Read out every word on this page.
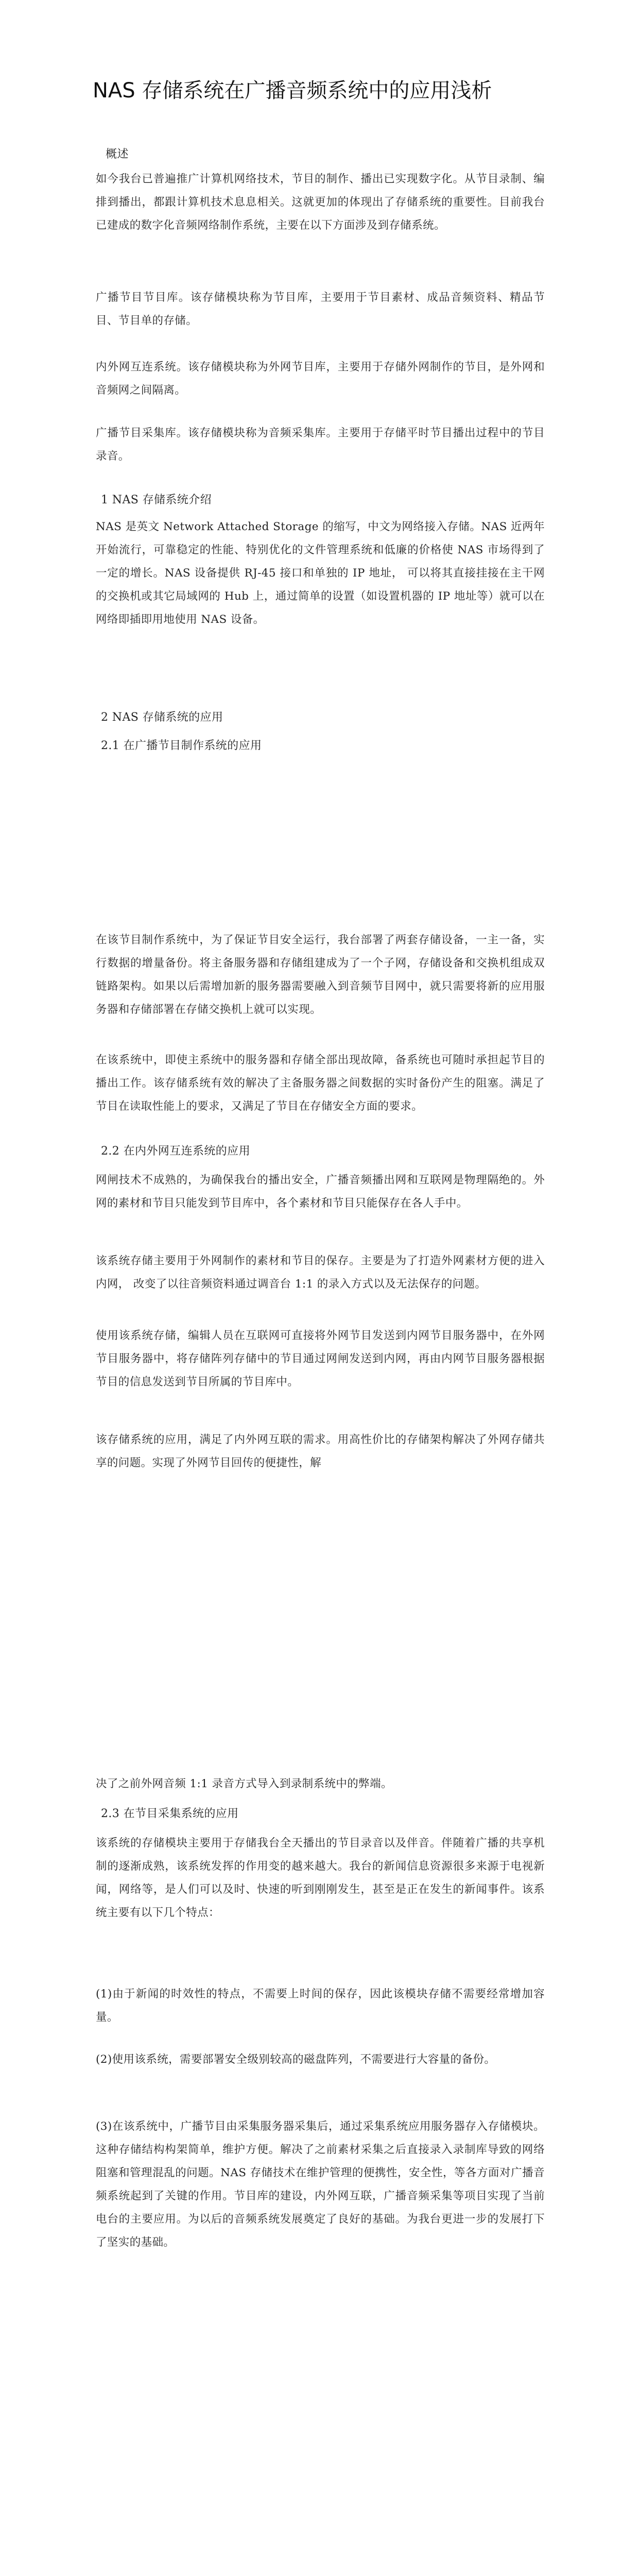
NAS 存储系统在广播音频系统中的应用浅析
概述
如今我台已普遍推广计算机网络技术，节目的制作、播出已实现数字化。从节目录制、编排到播出，都跟计算机技术息息相关。这就更加的体现出了存储系统的重要性。目前我台已建成的数字化音频网络制作系统，主要在以下方面涉及到存储系统。
广播节目节目库。该存储模块称为节目库，主要用于节目素材、成品音频资料、精品节目、节目单的存储。
内外网互连系统。该存储模块称为外网节目库，主要用于存储外网制作的节目，是外网和音频网之间隔离。
广播节目采集库。该存储模块称为音频采集库。主要用于存储平时节目播出过程中的节目录音。
1 NAS 存储系统介绍
NAS 是英文 Network Attached Storage 的缩写，中文为网络接入存储。NAS 近两年开始流行，可靠稳定的性能、特别优化的文件管理系统和低廉的价格使 NAS 市场得到了一定的增长。NAS 设备提供 RJ-45 接口和单独的 IP 地址， 可以将其直接挂接在主干网的交换机或其它局域网的 Hub 上，通过简单的设置（如设置机器的 IP 地址等）就可以在网络即插即用地使用 NAS 设备。
2 NAS 存储系统的应用
2.1 在广播节目制作系统的应用
在该节目制作系统中，为了保证节目安全运行，我台部署了两套存储设备，一主一备，实行数据的增量备份。将主备服务器和存储组建成为了一个子网，存储设备和交换机组成双链路架构。如果以后需增加新的服务器需要融入到音频节目网中，就只需要将新的应用服务器和存储部署在存储交换机上就可以实现。
在该系统中，即使主系统中的服务器和存储全部出现故障，备系统也可随时承担起节目的播出工作。该存储系统有效的解决了主备服务器之间数据的实时备份产生的阻塞。满足了节目在读取性能上的要求，又满足了节目在存储安全方面的要求。
2.2 在内外网互连系统的应用
网闸技术不成熟的，为确保我台的播出安全，广播音频播出网和互联网是物理隔绝的。外网的素材和节目只能发到节目库中，各个素材和节目只能保存在各人手中。
该系统存储主要用于外网制作的素材和节目的保存。主要是为了打造外网素材方便的进入内网， 改变了以往音频资料通过调音台 1:1 的录入方式以及无法保存的问题。
使用该系统存储，编辑人员在互联网可直接将外网节目发送到内网节目服务器中，在外网节目服务器中，将存储阵列存储中的节目通过网闸发送到内网，再由内网节目服务器根据节目的信息发送到节目所属的节目库中。
该存储系统的应用，满足了内外网互联的需求。用高性价比的存储架构解决了外网存储共享的问题。实现了外网节目回传的便捷性，解
决了之前外网音频 1:1 录音方式导入到录制系统中的弊端。
2.3 在节目采集系统的应用
该系统的存储模块主要用于存储我台全天播出的节目录音以及伴音。伴随着广播的共享机制的逐渐成熟，该系统发挥的作用变的越来越大。我台的新闻信息资源很多来源于电视新闻，网络等，是人们可以及时、快速的听到刚刚发生，甚至是正在发生的新闻事件。该系统主要有以下几个特点：
(1)由于新闻的时效性的特点，不需要上时间的保存，因此该模块存储不需要经常增加容量。
(2)使用该系统，需要部署安全级别较高的磁盘阵列，不需要进行大容量的备份。
(3)在该系统中，广播节目由采集服务器采集后，通过采集系统应用服务器存入存储模块。这种存储结构构架简单，维护方便。解决了之前素材采集之后直接录入录制库导致的网络阻塞和管理混乱的问题。NAS 存储技术在维护管理的便携性，安全性，等各方面对广播音频系统起到了关键的作用。节目库的建设，内外网互联，广播音频采集等项目实现了当前电台的主要应用。为以后的音频系统发展奠定了良好的基础。为我台更进一步的发展打下了坚实的基础。
